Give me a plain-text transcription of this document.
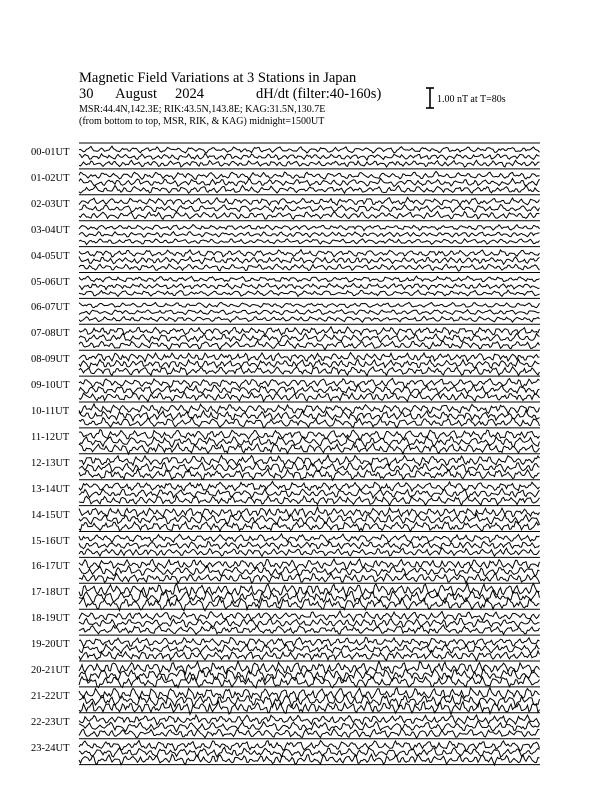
Magnetic Field Variations at 3 Stations in Japan
30 August 2024	dH/dt (filter:40-160s)
MSR:44.4N,142.3E; RIK:43.5N,143.8E; KAG:31.5N,130.7E
(from bottom to top, MSR, RIK, & KAG) midnight=1500UT
1.00 nT at T=80s
00-01UT
01-02UT
02-03UT
03-04UT
04-05UT
05-06UT
06-07UT
07-08UT
08-09UT
09-10UT
10-11UT
11-12UT
12-13UT
13-14UT
14-15UT
15-16UT
16-17UT
17-18UT
18-19UT
19-20UT
20-21UT
21-22UT
22-23UT
23-24UT
